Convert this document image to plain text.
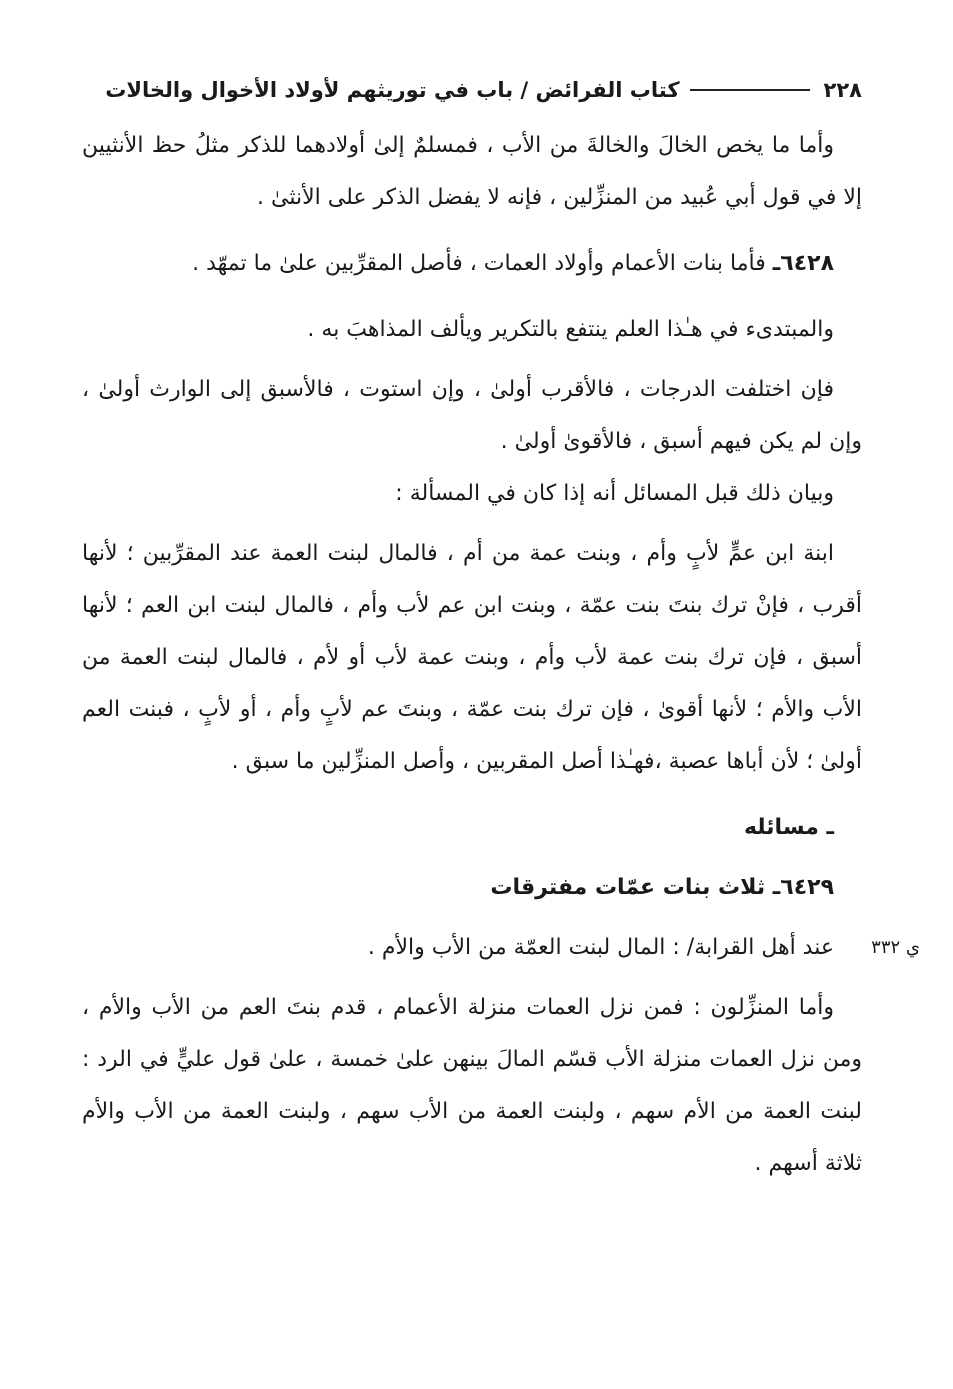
٢٢٨
كتاب الفرائض / باب في توريثهم لأولاد الأخوال والخالات

وأما ما يخص الخالَ والخالةَ من الأب ، فمسلمٌ إلىٰ أولادهما للذكر مثلُ حظ الأنثيين إلا في قول أبي عُبيد من المنزِّلين ، فإنه لا يفضل الذكر على الأنثىٰ .

٦٤٢٨ـ فأما بنات الأعمام وأولاد العمات ، فأصل المقرِّبين علىٰ ما تمهّد .

والمبتدىء في هـٰذا العلم ينتفع بالتكرير ويألف المذاهبَ به .

فإن اختلفت الدرجات ، فالأقرب أولىٰ ، وإن استوت ، فالأسبق إلى الوارث أولىٰ ، وإن لم يكن فيهم أسبق ، فالأقوىٰ أولىٰ .

وبيان ذلك قبل المسائل أنه إذا كان في المسألة :

ابنة ابن عمٍّ لأبٍ وأم ، وبنت عمة من أم ، فالمال لبنت العمة عند المقرِّبين ؛ لأنها أقرب ، فإنْ ترك بنتَ بنت عمّة ، وبنت ابن عم لأب وأم ، فالمال لبنت ابن العم ؛ لأنها أسبق ، فإن ترك بنت عمة لأب وأم ، وبنت عمة لأب أو لأم ، فالمال لبنت العمة من الأب والأم ؛ لأنها أقوىٰ ، فإن ترك بنت عمّة ، وبنتَ عم لأبٍ وأم ، أو لأبٍ ، فبنت العم أولىٰ ؛ لأن أباها عصبة ،فهـٰذا أصل المقربين ، وأصل المنزِّلين ما سبق .

ـ مسائله

٦٤٢٩ـ ثلاث بنات عمّات مفترقات

ي ٣٣٢

عند أهل القرابة/ : المال لبنت العمّة من الأب والأم .

وأما المنزِّلون : فمن نزل العمات منزلة الأعمام ، قدم بنتَ العم من الأب والأم ، ومن نزل العمات منزلة الأب قسّم المالَ بينهن علىٰ خمسة ، علىٰ قول عليٍّ في الرد : لبنت العمة من الأم سهم ، ولبنت العمة من الأب سهم ، ولبنت العمة من الأب والأم ثلاثة أسهم .
